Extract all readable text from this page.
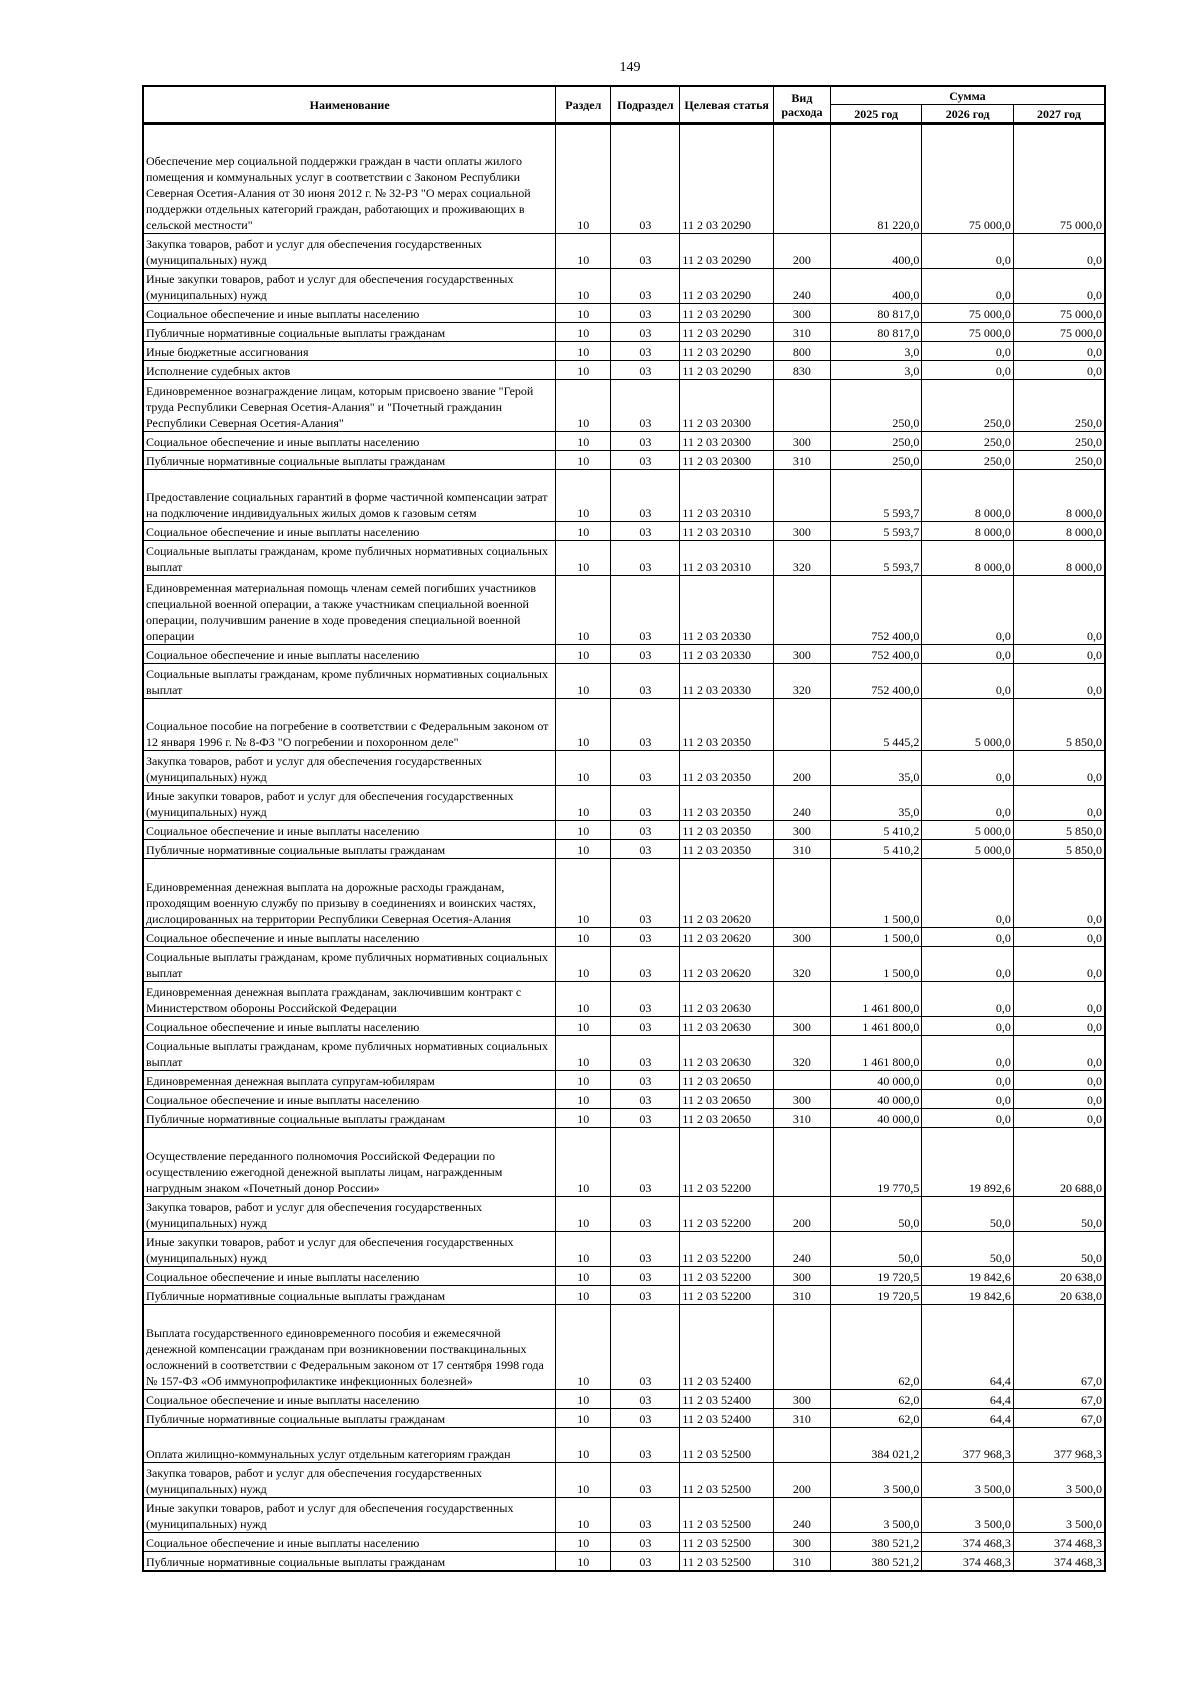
149
Наименование	Раздел	Подраздел	Целевая статья	Вид расхода	Сумма		
					2025 год	2026 год	2027 год
Обеспечение мер социальной поддержки граждан в части оплаты жилого помещения и коммунальных услуг в соответствии с Законом Республики Северная Осетия-Алания от 30 июня 2012 г. № 32-РЗ "О мерах социальной поддержки отдельных категорий граждан, работающих и проживающих в сельской местности"	10	03	11 2 03 20290		81 220,0	75 000,0	75 000,0
Закупка товаров, работ и услуг для обеспечения государственных (муниципальных) нужд	10	03	11 2 03 20290	200	400,0	0,0	0,0
Иные закупки товаров, работ и услуг для обеспечения государственных (муниципальных) нужд	10	03	11 2 03 20290	240	400,0	0,0	0,0
Социальное обеспечение и иные выплаты населению	10	03	11 2 03 20290	300	80 817,0	75 000,0	75 000,0
Публичные нормативные социальные выплаты гражданам	10	03	11 2 03 20290	310	80 817,0	75 000,0	75 000,0
Иные бюджетные ассигнования	10	03	11 2 03 20290	800	3,0	0,0	0,0
Исполнение судебных актов	10	03	11 2 03 20290	830	3,0	0,0	0,0
Единовременное вознаграждение лицам, которым присвоено звание "Герой труда Республики Северная Осетия-Алания" и "Почетный гражданин Республики Северная Осетия-Алания"	10	03	11 2 03 20300		250,0	250,0	250,0
Социальное обеспечение и иные выплаты населению	10	03	11 2 03 20300	300	250,0	250,0	250,0
Публичные нормативные социальные выплаты гражданам	10	03	11 2 03 20300	310	250,0	250,0	250,0
Предоставление социальных гарантий в форме частичной компенсации затрат на подключение индивидуальных жилых домов к газовым сетям	10	03	11 2 03 20310		5 593,7	8 000,0	8 000,0
Социальное обеспечение и иные выплаты населению	10	03	11 2 03 20310	300	5 593,7	8 000,0	8 000,0
Социальные выплаты гражданам, кроме публичных нормативных социальных выплат	10	03	11 2 03 20310	320	5 593,7	8 000,0	8 000,0
Единовременная материальная помощь членам семей погибших участников специальной военной операции, а также участникам специальной военной операции, получившим ранение в ходе проведения специальной военной операции	10	03	11 2 03 20330		752 400,0	0,0	0,0
Социальное обеспечение и иные выплаты населению	10	03	11 2 03 20330	300	752 400,0	0,0	0,0
Социальные выплаты гражданам, кроме публичных нормативных социальных выплат	10	03	11 2 03 20330	320	752 400,0	0,0	0,0
Социальное пособие на погребение в соответствии с Федеральным законом от 12 января 1996 г. № 8-ФЗ "О погребении и похоронном деле"	10	03	11 2 03 20350		5 445,2	5 000,0	5 850,0
Закупка товаров, работ и услуг для обеспечения государственных (муниципальных) нужд	10	03	11 2 03 20350	200	35,0	0,0	0,0
Иные закупки товаров, работ и услуг для обеспечения государственных (муниципальных) нужд	10	03	11 2 03 20350	240	35,0	0,0	0,0
Социальное обеспечение и иные выплаты населению	10	03	11 2 03 20350	300	5 410,2	5 000,0	5 850,0
Публичные нормативные социальные выплаты гражданам	10	03	11 2 03 20350	310	5 410,2	5 000,0	5 850,0
Единовременная денежная выплата на дорожные расходы гражданам, проходящим военную службу по призыву в соединениях и воинских частях, дислоцированных на территории Республики Северная Осетия-Алания	10	03	11 2 03 20620		1 500,0	0,0	0,0
Социальное обеспечение и иные выплаты населению	10	03	11 2 03 20620	300	1 500,0	0,0	0,0
Социальные выплаты гражданам, кроме публичных нормативных социальных выплат	10	03	11 2 03 20620	320	1 500,0	0,0	0,0
Единовременная денежная выплата гражданам, заключившим контракт с Министерством обороны Российской Федерации	10	03	11 2 03 20630		1 461 800,0	0,0	0,0
Социальное обеспечение и иные выплаты населению	10	03	11 2 03 20630	300	1 461 800,0	0,0	0,0
Социальные выплаты гражданам, кроме публичных нормативных социальных выплат	10	03	11 2 03 20630	320	1 461 800,0	0,0	0,0
Единовременная денежная выплата супругам-юбилярам	10	03	11 2 03 20650		40 000,0	0,0	0,0
Социальное обеспечение и иные выплаты населению	10	03	11 2 03 20650	300	40 000,0	0,0	0,0
Публичные нормативные социальные выплаты гражданам	10	03	11 2 03 20650	310	40 000,0	0,0	0,0
Осуществление переданного полномочия Российской Федерации по осуществлению ежегодной денежной выплаты лицам, награжденным нагрудным знаком «Почетный донор России»	10	03	11 2 03 52200		19 770,5	19 892,6	20 688,0
Закупка товаров, работ и услуг для обеспечения государственных (муниципальных) нужд	10	03	11 2 03 52200	200	50,0	50,0	50,0
Иные закупки товаров, работ и услуг для обеспечения государственных (муниципальных) нужд	10	03	11 2 03 52200	240	50,0	50,0	50,0
Социальное обеспечение и иные выплаты населению	10	03	11 2 03 52200	300	19 720,5	19 842,6	20 638,0
Публичные нормативные социальные выплаты гражданам	10	03	11 2 03 52200	310	19 720,5	19 842,6	20 638,0
Выплата государственного единовременного пособия и ежемесячной денежной компенсации гражданам при возникновении поствакцинальных осложнений в соответствии с Федеральным законом от 17 сентября 1998 года № 157-ФЗ «Об иммунопрофилактике инфекционных болезней»	10	03	11 2 03 52400		62,0	64,4	67,0
Социальное обеспечение и иные выплаты населению	10	03	11 2 03 52400	300	62,0	64,4	67,0
Публичные нормативные социальные выплаты гражданам	10	03	11 2 03 52400	310	62,0	64,4	67,0
Оплата жилищно-коммунальных услуг отдельным категориям граждан	10	03	11 2 03 52500		384 021,2	377 968,3	377 968,3
Закупка товаров, работ и услуг для обеспечения государственных (муниципальных) нужд	10	03	11 2 03 52500	200	3 500,0	3 500,0	3 500,0
Иные закупки товаров, работ и услуг для обеспечения государственных (муниципальных) нужд	10	03	11 2 03 52500	240	3 500,0	3 500,0	3 500,0
Социальное обеспечение и иные выплаты населению	10	03	11 2 03 52500	300	380 521,2	374 468,3	374 468,3
Публичные нормативные социальные выплаты гражданам	10	03	11 2 03 52500	310	380 521,2	374 468,3	374 468,3
